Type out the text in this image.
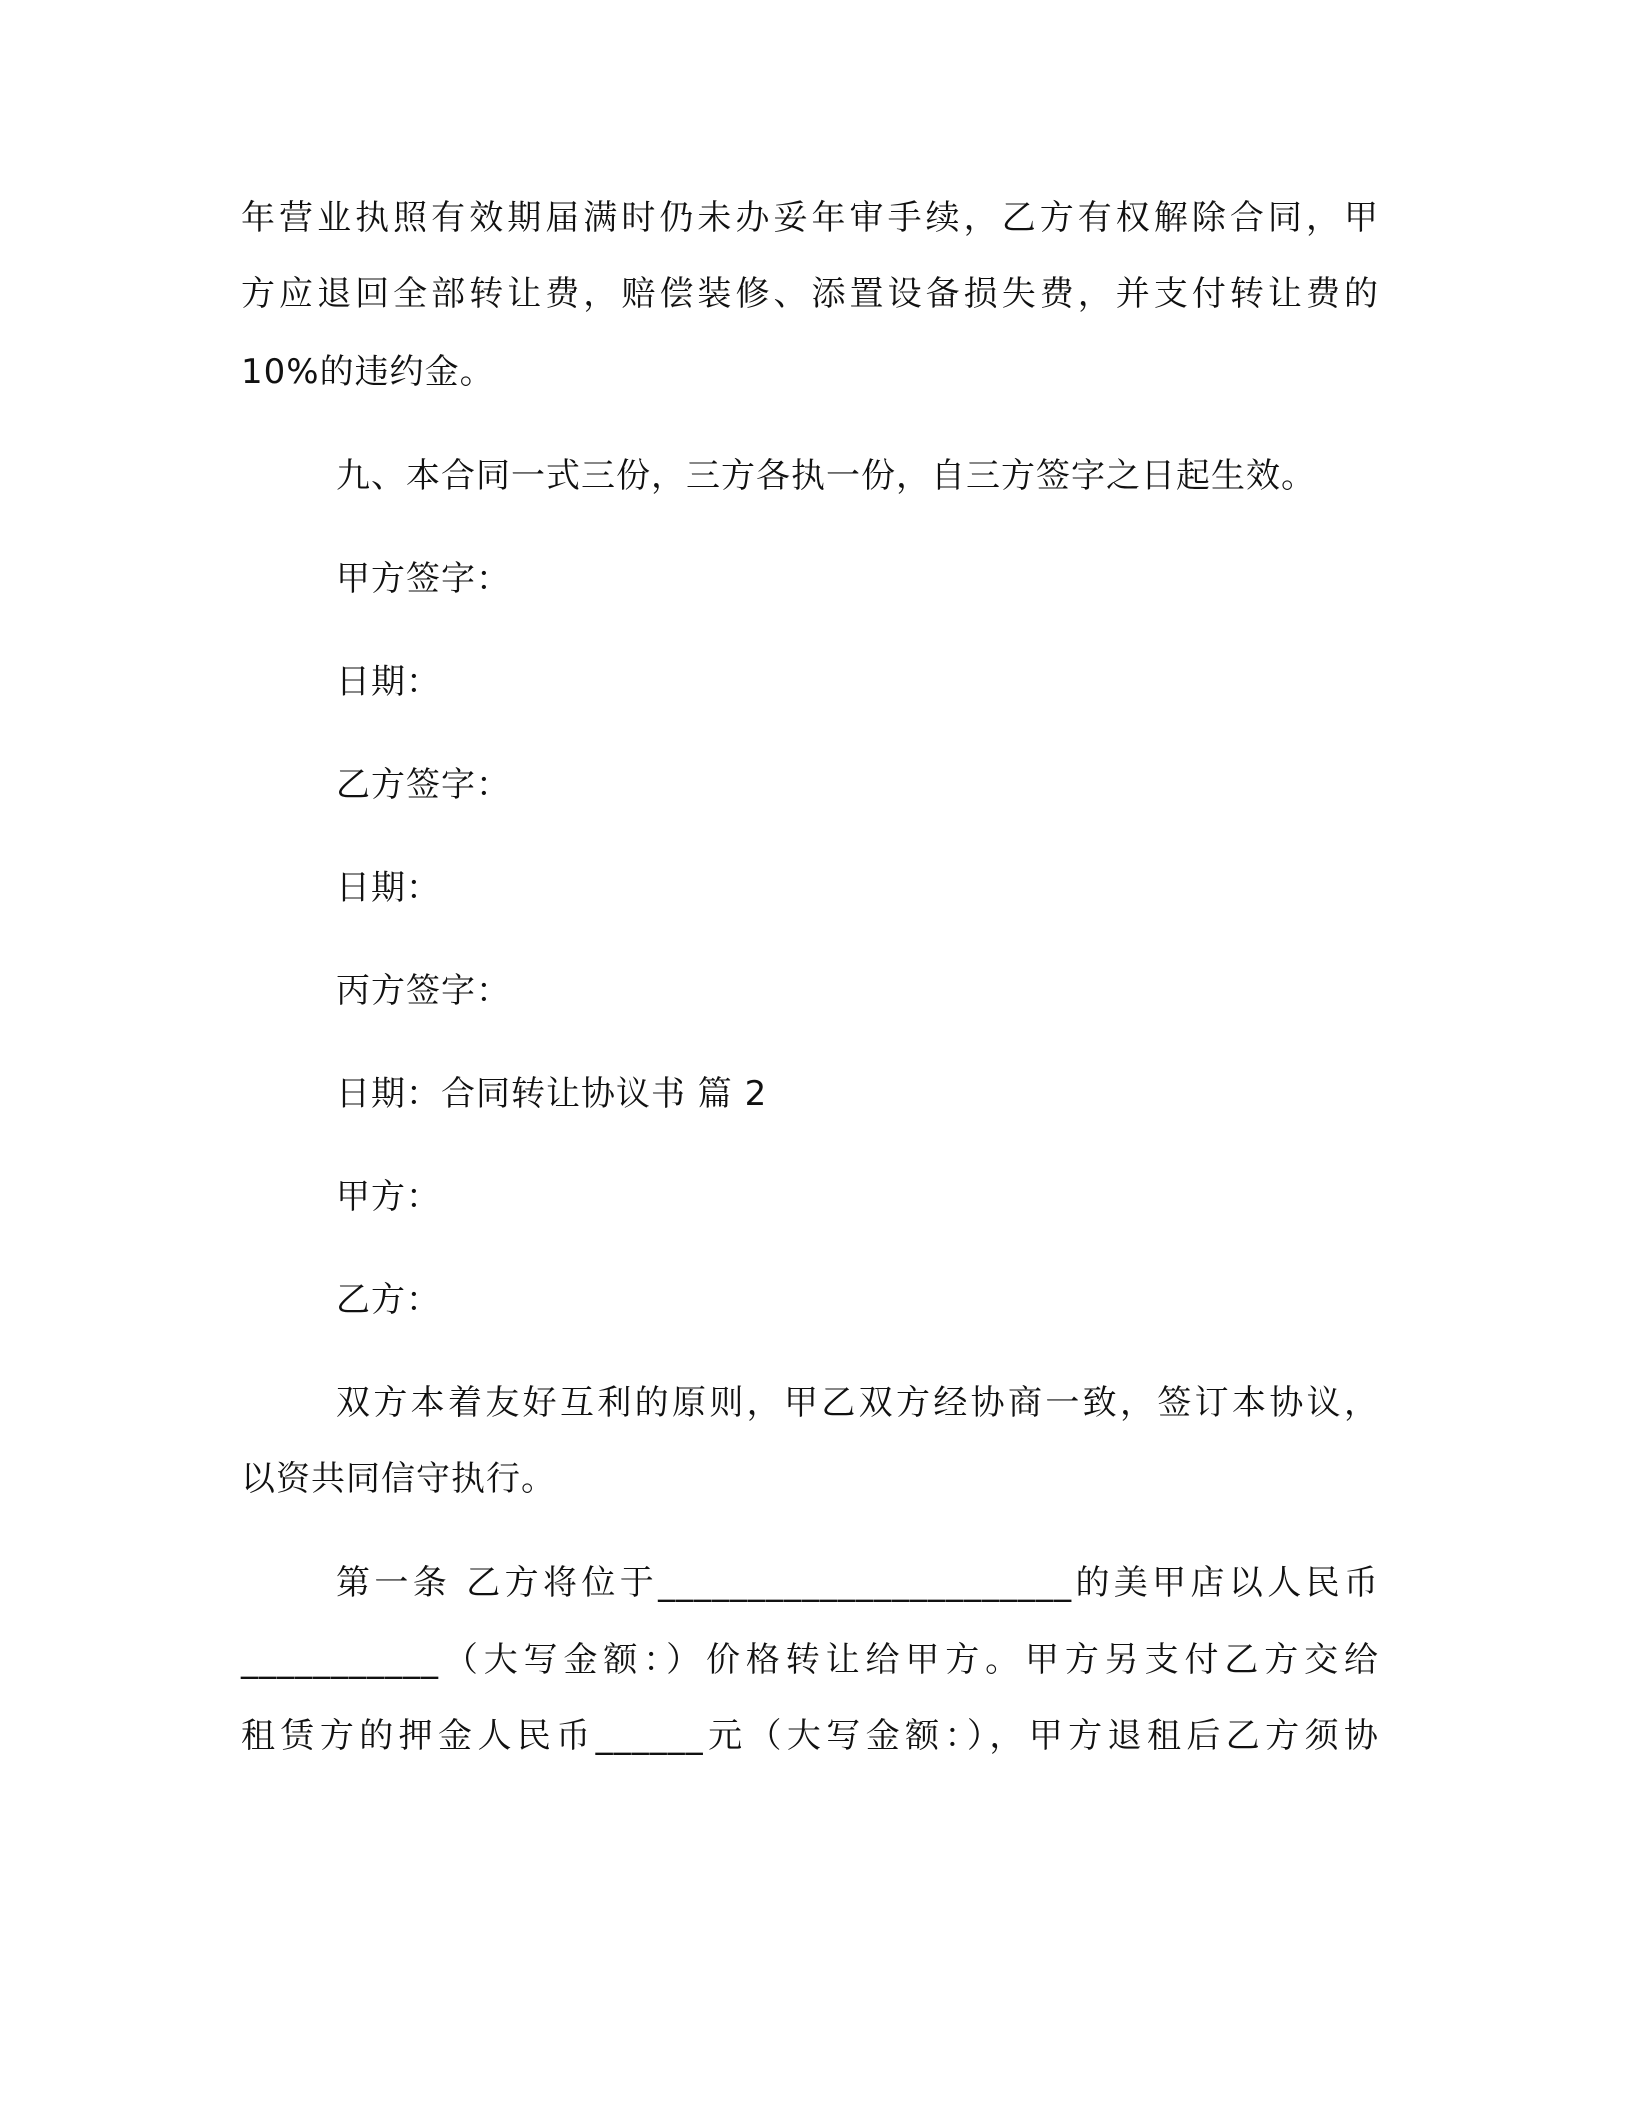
年营业执照有效期届满时仍未办妥年审手续，乙方有权解除合同，甲
方应退回全部转让费，赔偿装修、添置设备损失费，并支付转让费的
10%的违约金。
九、本合同一式三份，三方各执一份，自三方签字之日起生效。
甲方签字：
日期：
乙方签字：
日期：
丙方签字：
日期：合同转让协议书 篇 2
甲方：
乙方：
双方本着友好互利的原则，甲乙双方经协商一致，签订本协议，
以资共同信守执行。
第一条 乙方将位于_______________________的美甲店以人民币
___________（大写金额：）价格转让给甲方。甲方另支付乙方交给
租赁方的押金人民币______元（大写金额：），甲方退租后乙方须协
